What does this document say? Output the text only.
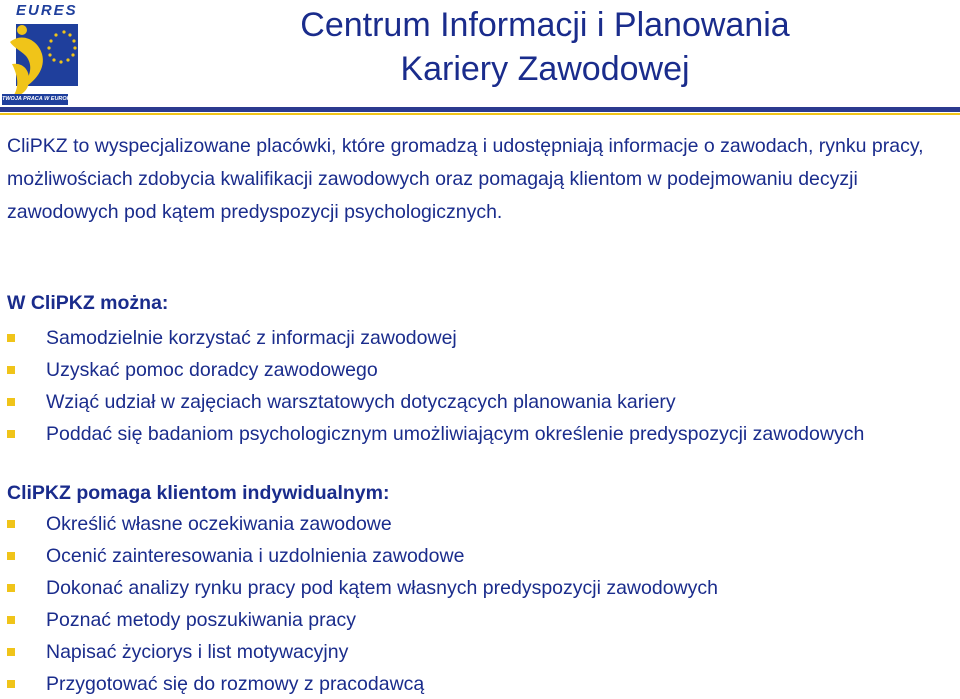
EURES
TWOJA PRACA W EUROPIE
Centrum Informacji i Planowania
Kariery Zawodowej

CliPKZ to wyspecjalizowane placówki, które gromadzą i udostępniają informacje o zawodach, rynku pracy, możliwościach zdobycia kwalifikacji zawodowych oraz pomagają klientom w podejmowaniu decyzji zawodowych pod kątem predyspozycji psychologicznych.

W CliPKZ można:

Samodzielnie korzystać z informacji zawodowej
Uzyskać pomoc doradcy zawodowego
Wziąć udział w zajęciach warsztatowych dotyczących planowania kariery
Poddać się badaniom psychologicznym umożliwiającym określenie predyspozycji zawodowych

CliPKZ pomaga klientom indywidualnym:

Określić własne oczekiwania zawodowe
Ocenić zainteresowania i uzdolnienia zawodowe
Dokonać analizy rynku pracy pod kątem własnych predyspozycji zawodowych
Poznać metody poszukiwania pracy
Napisać życiorys i list motywacyjny
Przygotować się do rozmowy z pracodawcą
